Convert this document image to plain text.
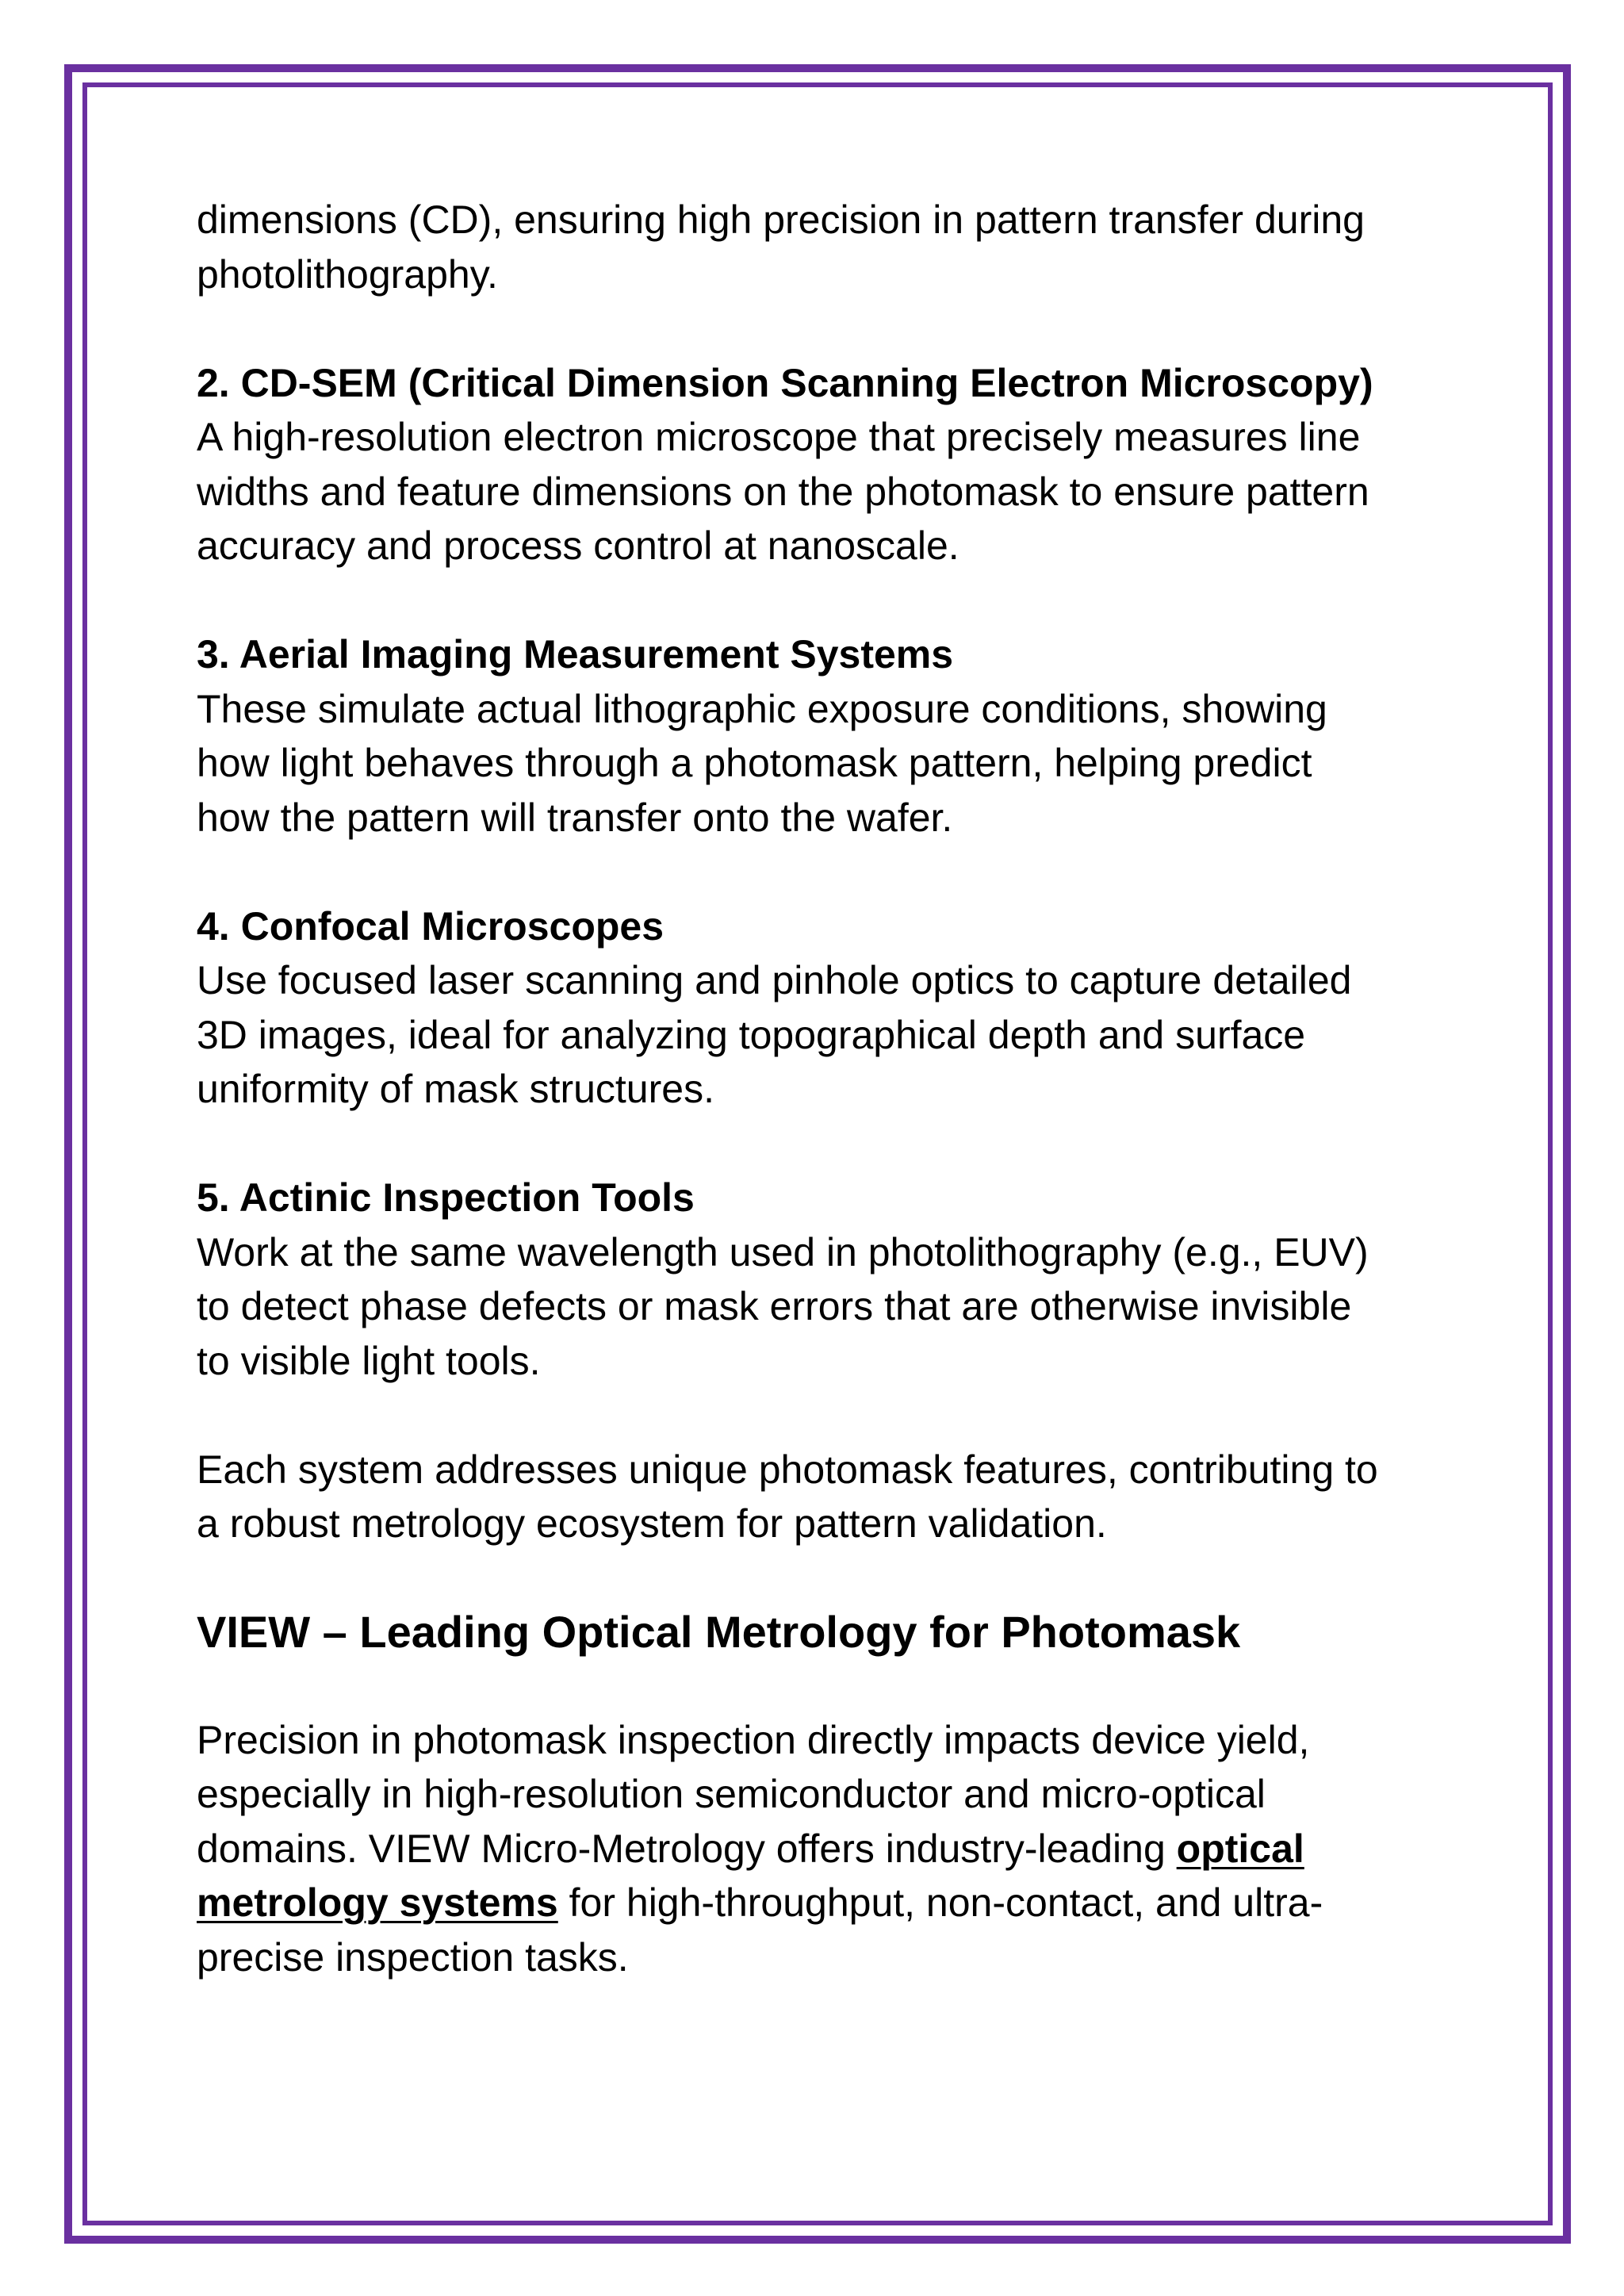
dimensions (CD), ensuring high precision in pattern transfer during
photolithography.

2. CD-SEM (Critical Dimension Scanning Electron Microscopy)

A high-resolution electron microscope that precisely measures line
widths and feature dimensions on the photomask to ensure pattern
accuracy and process control at nanoscale.

3. Aerial Imaging Measurement Systems

These simulate actual lithographic exposure conditions, showing
how light behaves through a photomask pattern, helping predict
how the pattern will transfer onto the wafer.

4. Confocal Microscopes

Use focused laser scanning and pinhole optics to capture detailed
3D images, ideal for analyzing topographical depth and surface
uniformity of mask structures.

5. Actinic Inspection Tools

Work at the same wavelength used in photolithography (e.g., EUV)
to detect phase defects or mask errors that are otherwise invisible
to visible light tools.

Each system addresses unique photomask features, contributing to
a robust metrology ecosystem for pattern validation.

VIEW – Leading Optical Metrology for Photomask

Precision in photomask inspection directly impacts device yield,
especially in high-resolution semiconductor and micro-optical
domains. VIEW Micro-Metrology offers industry-leading optical
metrology systems for high-throughput, non-contact, and ultra-
precise inspection tasks.
